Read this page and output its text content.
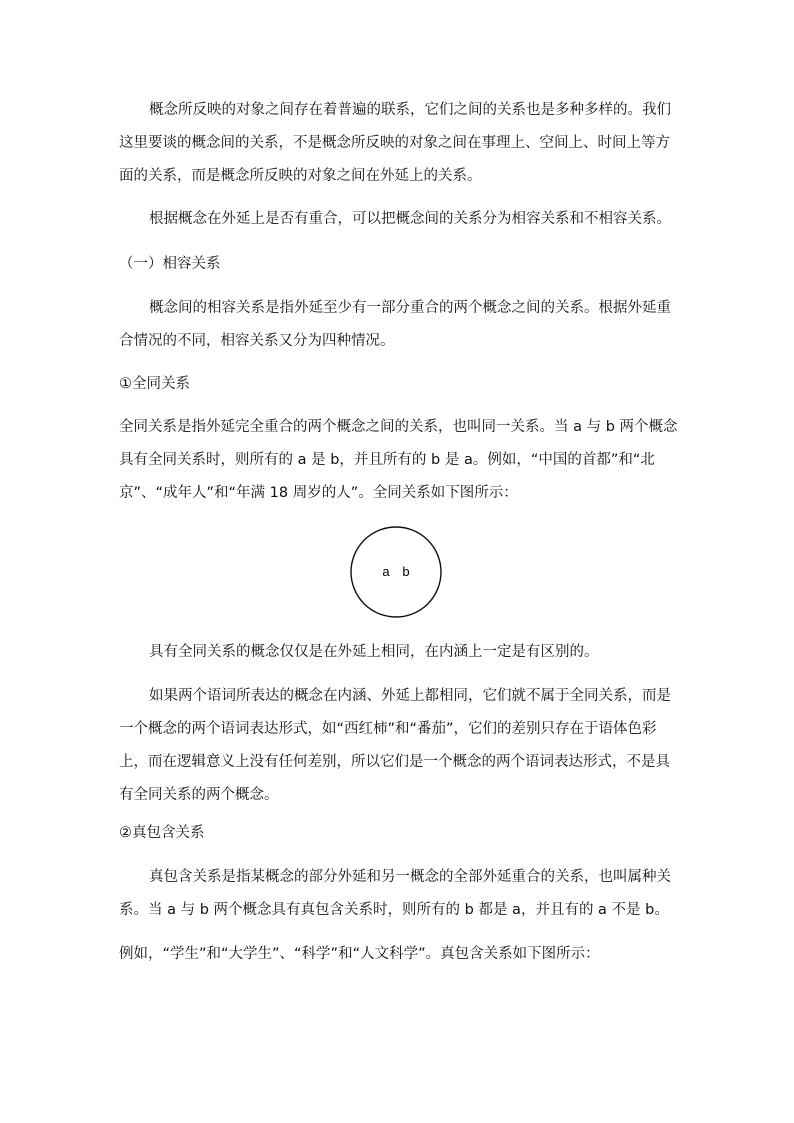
概念所反映的对象之间存在着普遍的联系，它们之间的关系也是多种多样的。我们这里要谈的概念间的关系，不是概念所反映的对象之间在事理上、空间上、时间上等方面的关系，而是概念所反映的对象之间在外延上的关系。

根据概念在外延上是否有重合，可以把概念间的关系分为相容关系和不相容关系。

（一）相容关系

概念间的相容关系是指外延至少有一部分重合的两个概念之间的关系。根据外延重合情况的不同，相容关系又分为四种情况。

①全同关系

全同关系是指外延完全重合的两个概念之间的关系，也叫同一关系。当 a 与 b 两个概念具有全同关系时，则所有的 a 是 b，并且所有的 b 是 a。例如，“中国的首都”和“北京”、“成年人”和“年满 18 周岁的人”。全同关系如下图所示：

a b

具有全同关系的概念仅仅是在外延上相同，在内涵上一定是有区别的。

如果两个语词所表达的概念在内涵、外延上都相同，它们就不属于全同关系，而是一个概念的两个语词表达形式，如“西红柿”和“番茄”，它们的差别只存在于语体色彩上，而在逻辑意义上没有任何差别，所以它们是一个概念的两个语词表达形式，不是具有全同关系的两个概念。

②真包含关系

真包含关系是指某概念的部分外延和另一概念的全部外延重合的关系，也叫属种关系。当 a 与 b 两个概念具有真包含关系时，则所有的 b 都是 a，并且有的 a 不是 b。

例如，“学生”和“大学生”、“科学”和“人文科学”。真包含关系如下图所示：
